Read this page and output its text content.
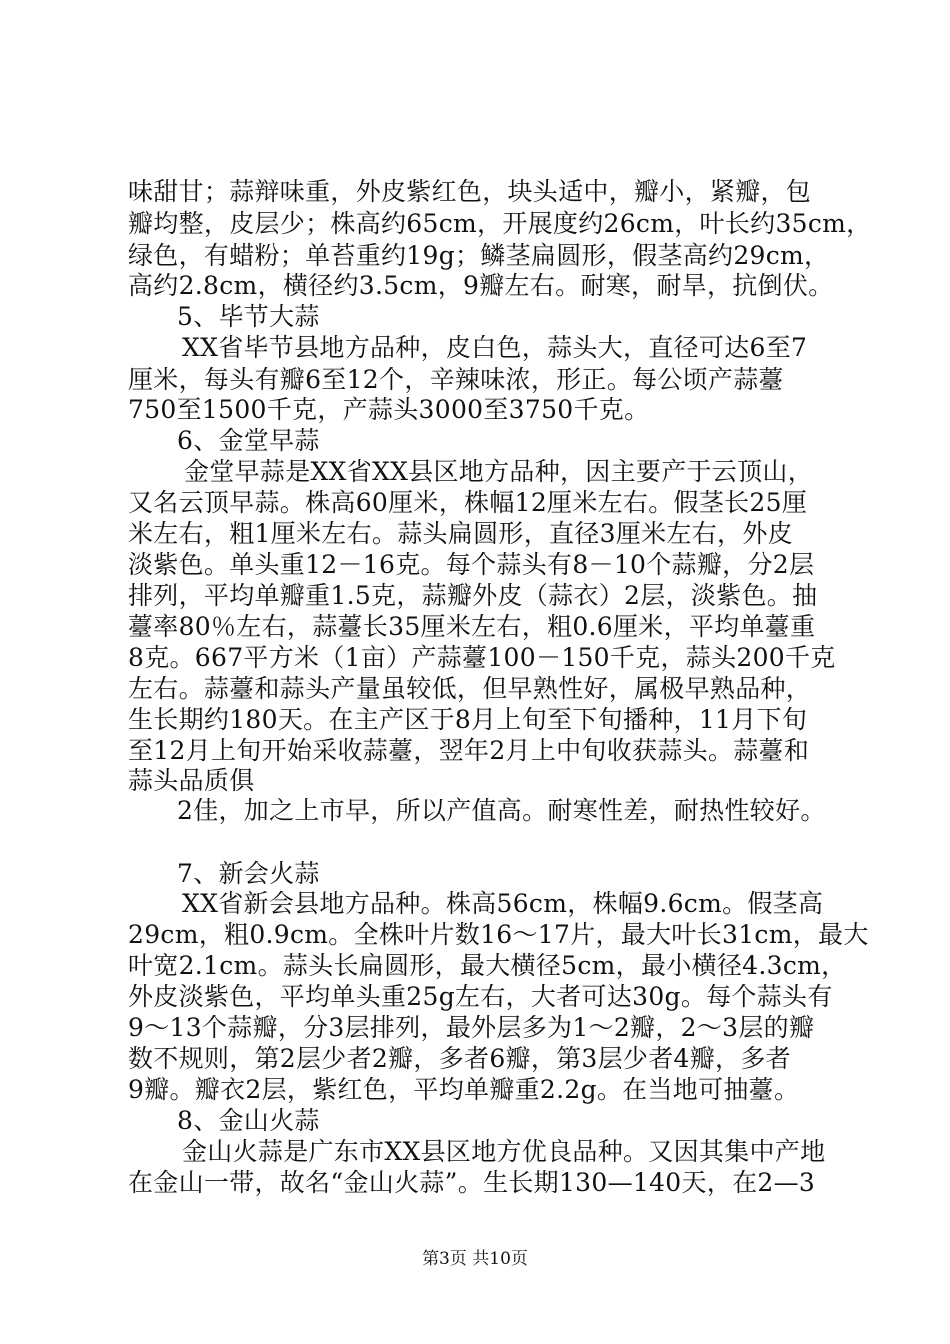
味甜甘；蒜辩味重，外皮紫红色，块头适中，瓣小，紧瓣，包
瓣均整，皮层少；株高约65cm，开展度约26cm，叶长约35cm，
绿色，有蜡粉；单苔重约19g；鳞茎扁圆形，假茎高约29cm，
高约2.8cm，横径约3.5cm，9瓣左右。耐寒，耐旱，抗倒伏。
5、毕节大蒜
XX省毕节县地方品种，皮白色，蒜头大，直径可达6至7
厘米，每头有瓣6至12个，辛辣味浓，形正。每公顷产蒜薹
750至1500千克，产蒜头3000至3750千克。
6、金堂早蒜
金堂早蒜是XX省XX县区地方品种，因主要产于云顶山，
又名云顶早蒜。株高60厘米，株幅12厘米左右。假茎长25厘
米左右，粗1厘米左右。蒜头扁圆形，直径3厘米左右，外皮
淡紫色。单头重12－16克。每个蒜头有8－10个蒜瓣，分2层
排列，平均单瓣重1.5克，蒜瓣外皮（蒜衣）2层，淡紫色。抽
薹率80％左右，蒜薹长35厘米左右，粗0.6厘米，平均单薹重
8克。667平方米（1亩）产蒜薹100－150千克，蒜头200千克
左右。蒜薹和蒜头产量虽较低，但早熟性好，属极早熟品种，
生长期约180天。在主产区于8月上旬至下旬播种，11月下旬
至12月上旬开始采收蒜薹，翌年2月上中旬收获蒜头。蒜薹和
蒜头品质俱
2佳，加之上市早，所以产值高。耐寒性差，耐热性较好。
7、新会火蒜
XX省新会县地方品种。株高56cm，株幅9.6cm。假茎高
29cm，粗0.9cm。全株叶片数16～17片，最大叶长31cm，最大
叶宽2.1cm。蒜头长扁圆形，最大横径5cm，最小横径4.3cm，
外皮淡紫色，平均单头重25g左右，大者可达30g。每个蒜头有
9～13个蒜瓣，分3层排列，最外层多为1～2瓣，2～3层的瓣
数不规则，第2层少者2瓣，多者6瓣，第3层少者4瓣，多者
9瓣。瓣衣2层，紫红色，平均单瓣重2.2g。在当地可抽薹。
8、金山火蒜
金山火蒜是广东市XX县区地方优良品种。又因其集中产地
在金山一带，故名“金山火蒜”。生长期130—140天，在2—3
第3页 共10页
